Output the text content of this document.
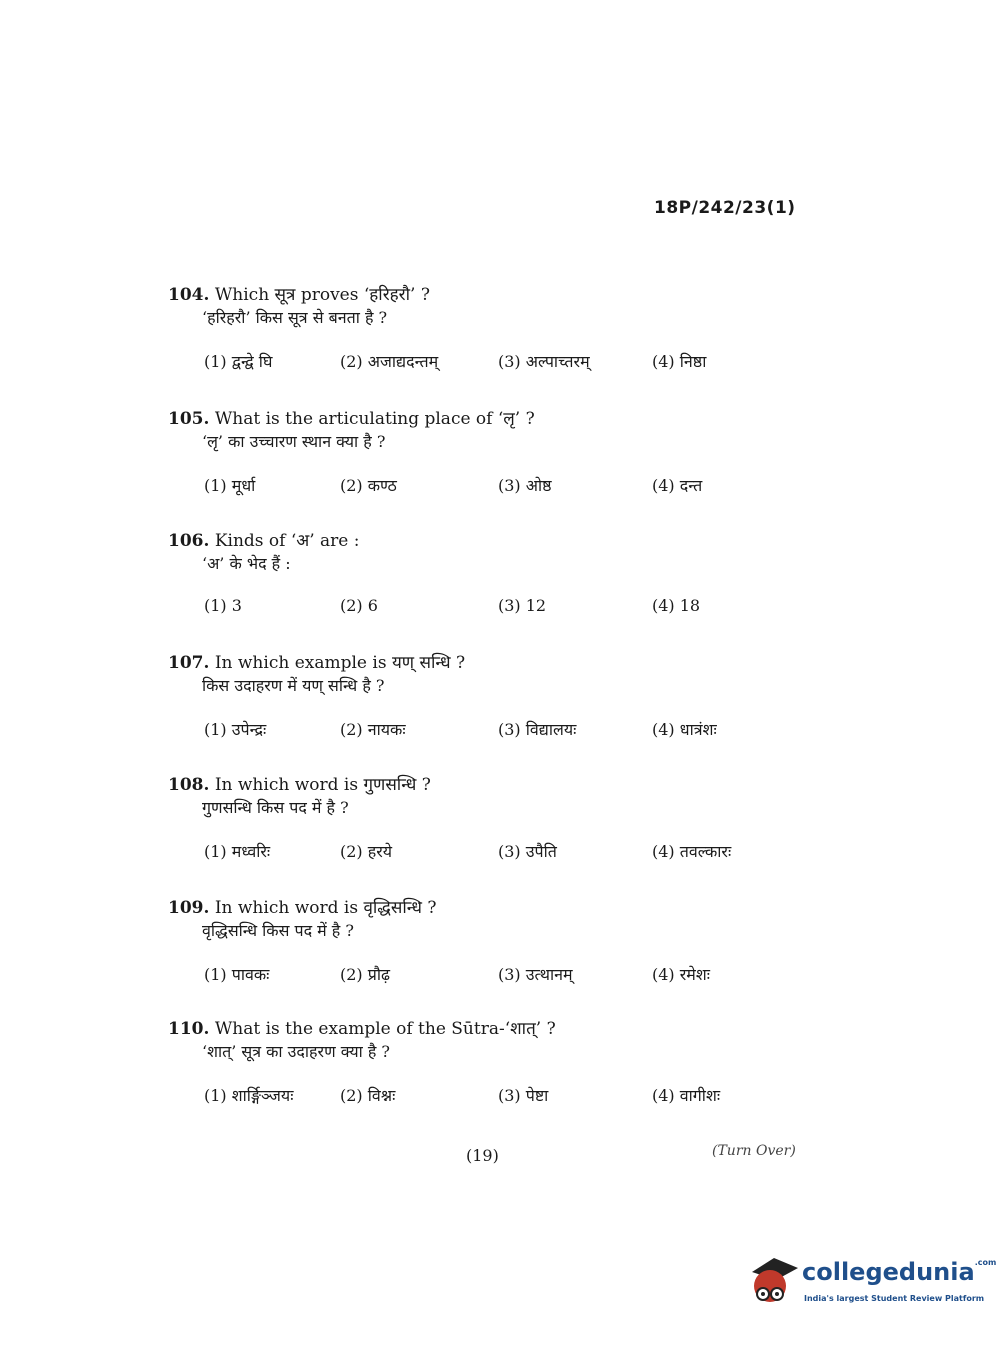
18P/242/23(1)
104. Which सूत्र proves ‘हरिहरौ’ ?
‘हरिहरौ’ किस सूत्र से बनता है ?
(1) द्वन्द्वे घि	(2) अजाद्यदन्तम्	(3) अल्पाच्तरम्	(4) निष्ठा
105. What is the articulating place of ‘लृ’ ?
‘लृ’ का उच्चारण स्थान क्या है ?
(1) मूर्धा	(2) कण्ठ	(3) ओष्ठ	(4) दन्त
106. Kinds of ‘अ’ are :
‘अ’ के भेद हैं :
(1) 3	(2) 6	(3) 12	(4) 18
107. In which example is यण् सन्धि ?
किस उदाहरण में यण् सन्धि है ?
(1) उपेन्द्रः	(2) नायकः	(3) विद्यालयः	(4) धात्रंशः
108. In which word is गुणसन्धि ?
गुणसन्धि किस पद में है ?
(1) मध्वरिः	(2) हरये	(3) उपैति	(4) तवल्कारः
109. In which word is वृद्धिसन्धि ?
वृद्धिसन्धि किस पद में है ?
(1) पावकः	(2) प्रौढ़	(3) उत्थानम्	(4) रमेशः
110. What is the example of the Sūtra-‘शात्’ ?
‘शात्’ सूत्र का उदाहरण क्या है ?
(1) शार्ङ्गिञ्जयः	(2) विश्नः	(3) पेष्टा	(4) वागीशः
(19)	(Turn Over)
collegedunia$^{.com}$
India's largest Student Review Platform
